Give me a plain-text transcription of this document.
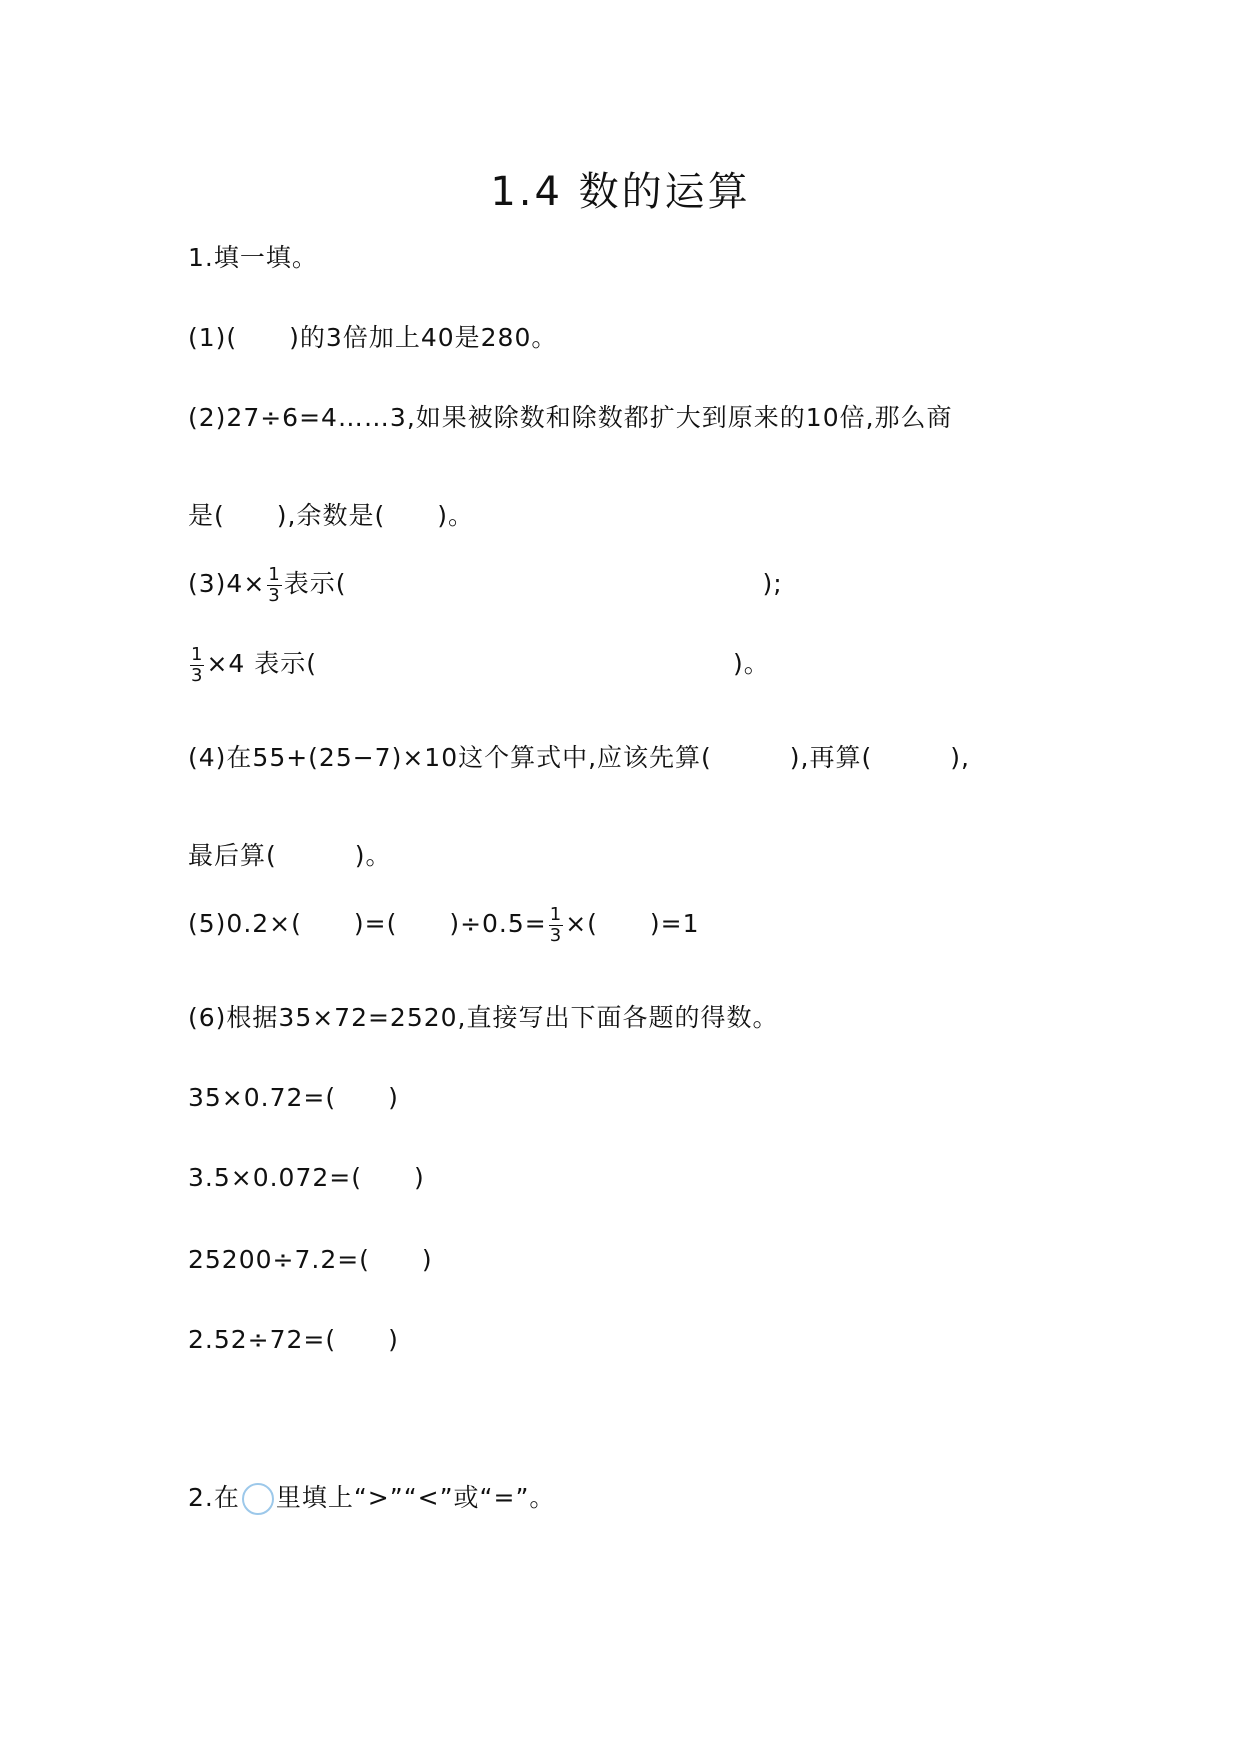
1.4 数的运算
1.填一填。
(1)(　　)的3倍加上40是280。
(2)27÷6=4……3,如果被除数和除数都扩大到原来的10倍,那么商
是(　　),余数是(　　)。
$(3)4\times \frac{1}{3}$ 表示(　　　　　　　　　　　　　　　　);
$\frac{1}{3} \times 4$ 表示(　　　　　　　　　　　　　　　　)。
(4)在55+(25−7)×10这个算式中,应该先算(　　　),再算(　　　),
最后算(　　　)。
(5)0.2×(　　)=(　　)$\div 0.5= \frac{1}{3}$ ×(　　)=1
(6)根据35×72=2520,直接写出下面各题的得数。
35×0.72=(　　)
3.5×0.072=(　　)
25200÷7.2=(　　)
2.52÷72=(　　)
2.在 里填上“>”“<”或“=”。
